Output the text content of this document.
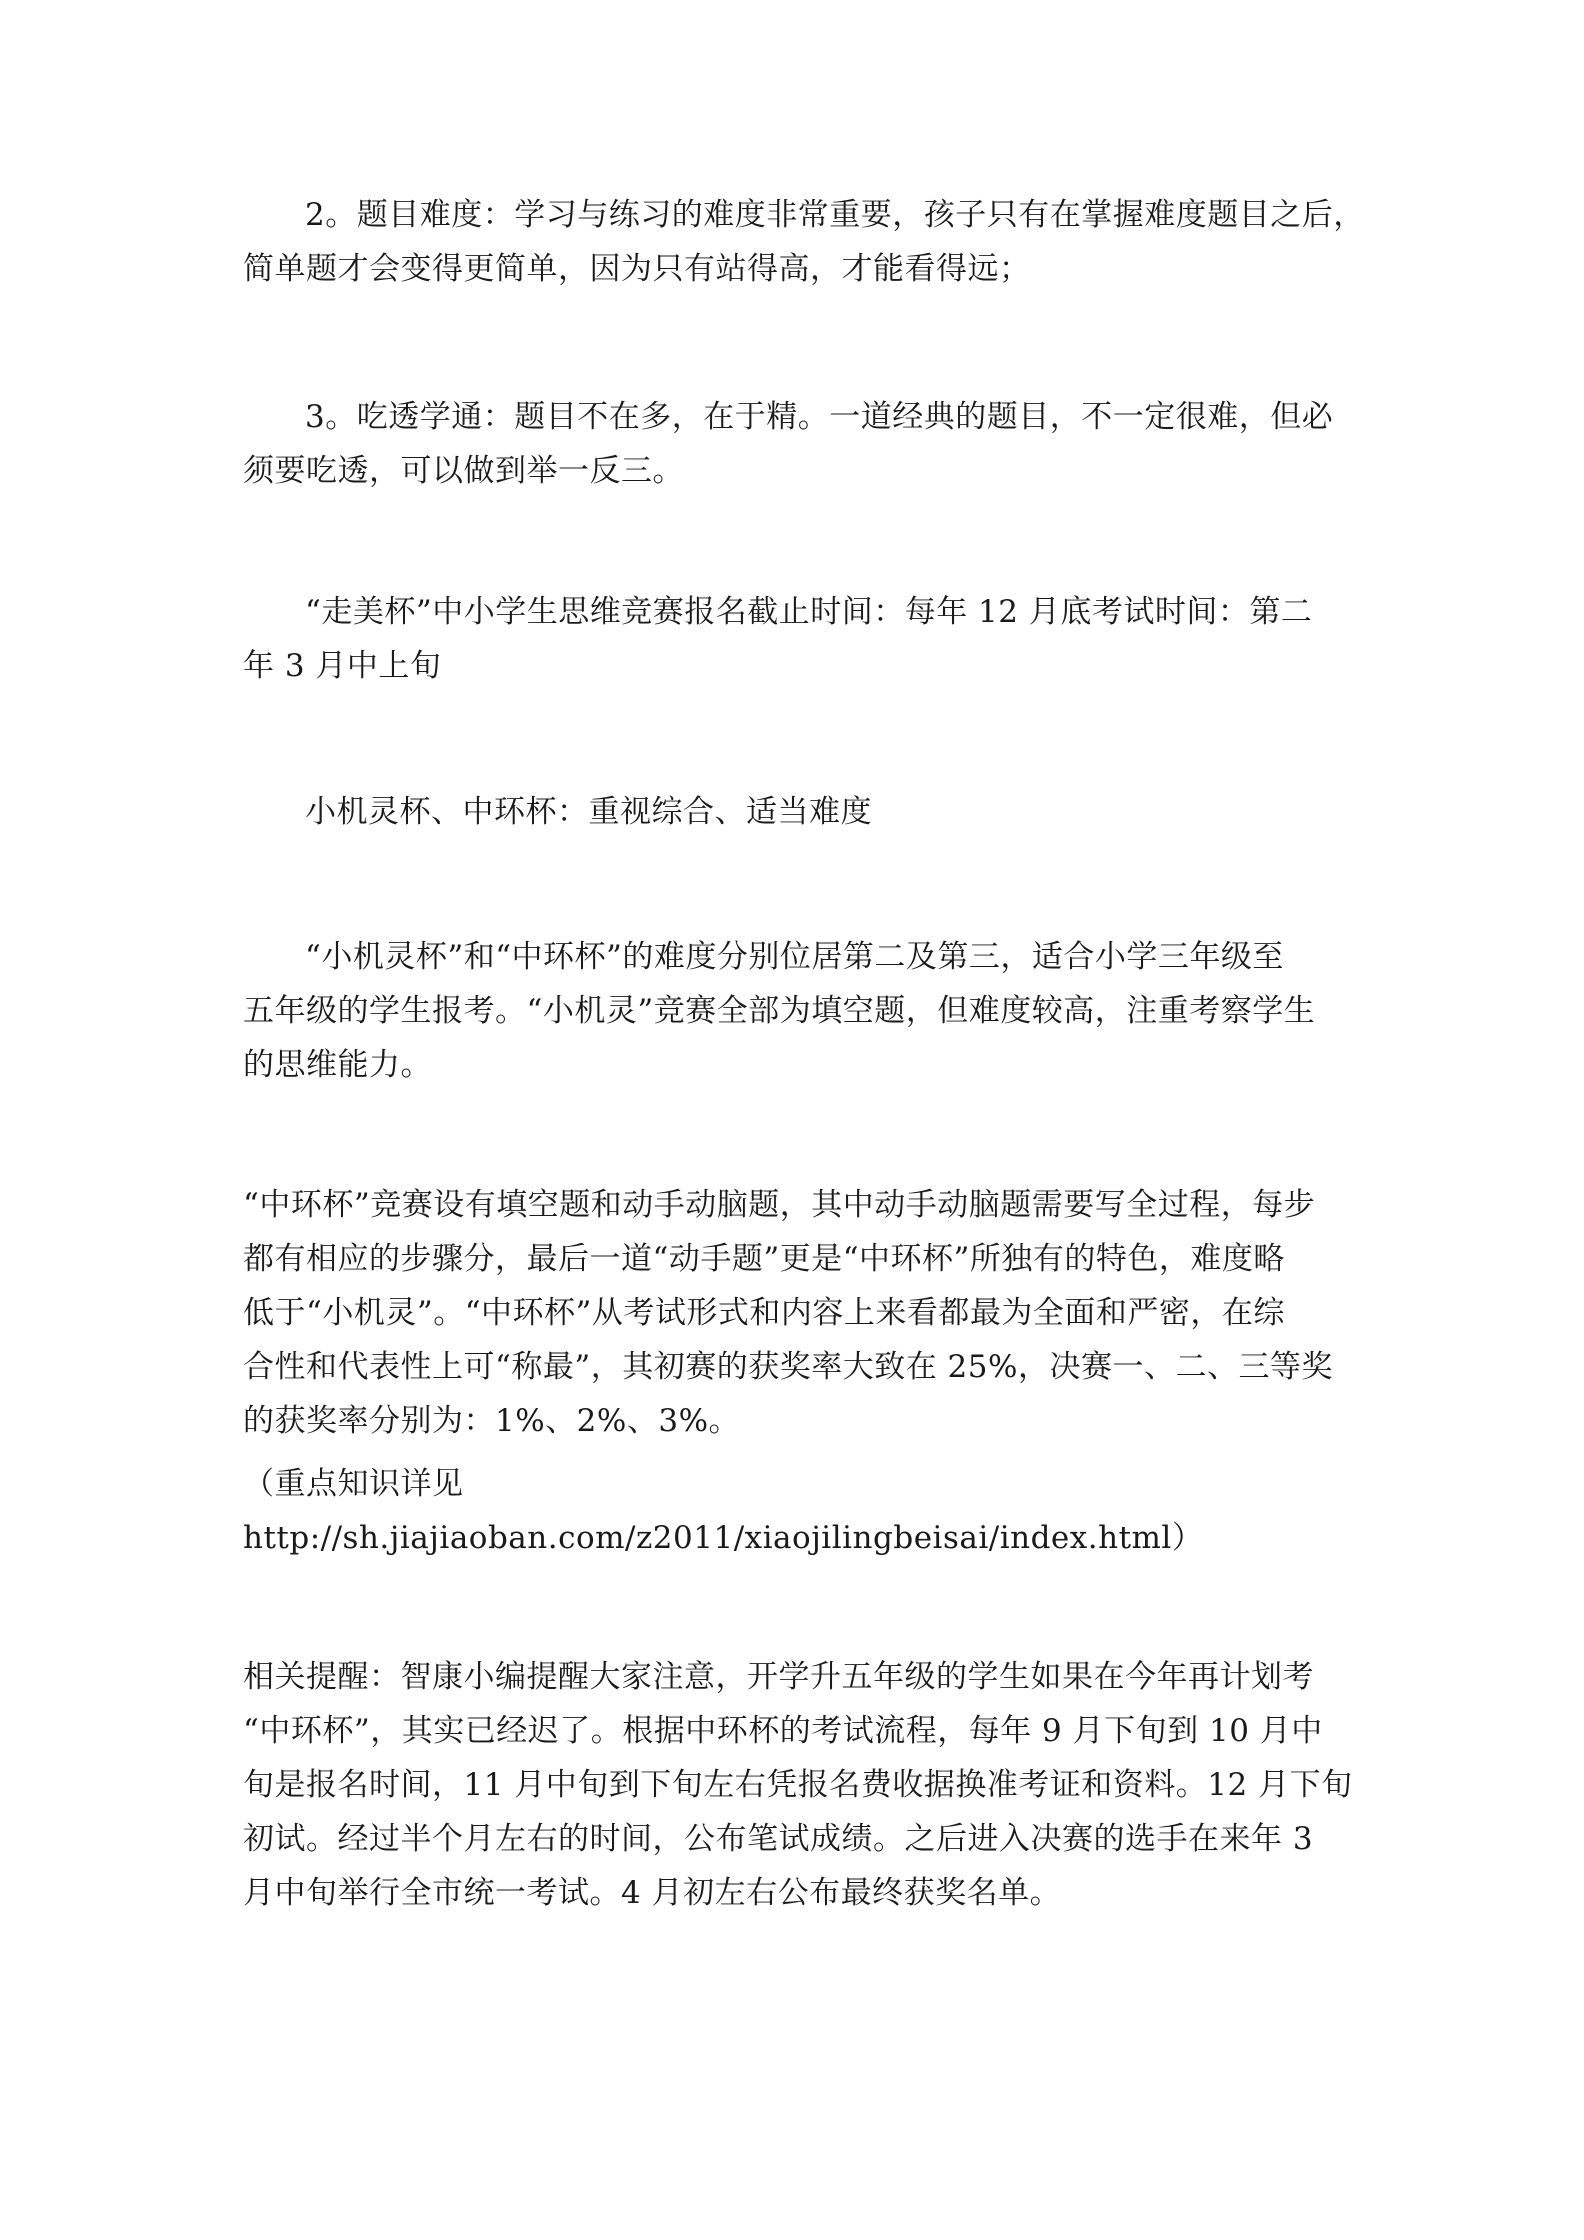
2。题目难度：学习与练习的难度非常重要，孩子只有在掌握难度题目之后，
简单题才会变得更简单，因为只有站得高，才能看得远；

3。吃透学通：题目不在多，在于精。一道经典的题目，不一定很难，但必
须要吃透，可以做到举一反三。

“走美杯”中小学生思维竞赛报名截止时间：每年 12 月底考试时间：第二
年 3 月中上旬

小机灵杯、中环杯：重视综合、适当难度

“小机灵杯”和“中环杯”的难度分别位居第二及第三，适合小学三年级至
五年级的学生报考。“小机灵”竞赛全部为填空题，但难度较高，注重考察学生
的思维能力。

“中环杯”竞赛设有填空题和动手动脑题，其中动手动脑题需要写全过程，每步
都有相应的步骤分，最后一道“动手题”更是“中环杯”所独有的特色，难度略
低于“小机灵”。“中环杯”从考试形式和内容上来看都最为全面和严密，在综
合性和代表性上可“称最”，其初赛的获奖率大致在 25%，决赛一、二、三等奖
的获奖率分别为：1%、2%、3%。

（重点知识详见
http://sh.jiajiaoban.com/z2011/xiaojilingbeisai/index.html）

相关提醒：智康小编提醒大家注意，开学升五年级的学生如果在今年再计划考
“中环杯”，其实已经迟了。根据中环杯的考试流程，每年 9 月下旬到 10 月中
旬是报名时间，11 月中旬到下旬左右凭报名费收据换准考证和资料。12 月下旬
初试。经过半个月左右的时间，公布笔试成绩。之后进入决赛的选手在来年 3
月中旬举行全市统一考试。4 月初左右公布最终获奖名单。
